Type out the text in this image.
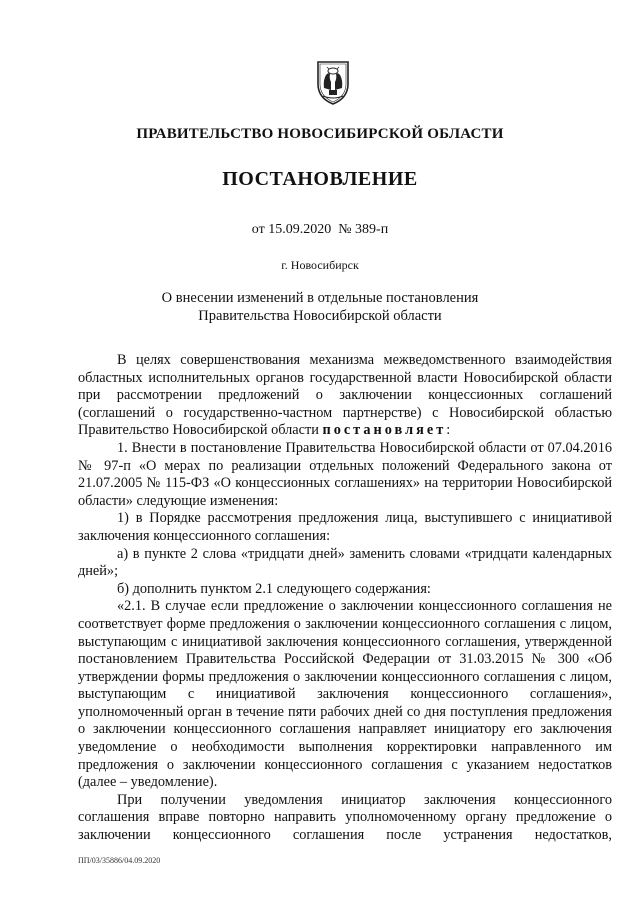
ПРАВИТЕЛЬСТВО НОВОСИБИРСКОЙ ОБЛАСТИ
ПОСТАНОВЛЕНИЕ
от 15.09.2020  № 389-п
г. Новосибирск
О внесении изменений в отдельные постановления
Правительства Новосибирской области

В целях совершенствования механизма межведомственного взаимодействия областных исполнительных органов государственной власти Новосибирской области при рассмотрении предложений о заключении концессионных соглашений (соглашений о государственно-частном партнерстве) с Новосибирской областью Правительство Новосибирской области постановляет:

1. Внести в постановление Правительства Новосибирской области от 07.04.2016 № 97-п «О мерах по реализации отдельных положений Федерального закона от 21.07.2005 № 115-ФЗ «О концессионных соглашениях» на территории Новосибирской области» следующие изменения:

1) в Порядке рассмотрения предложения лица, выступившего с инициативой заключения концессионного соглашения:

а) в пункте 2 слова «тридцати дней» заменить словами «тридцати календарных дней»;

б) дополнить пунктом 2.1 следующего содержания:

«2.1. В случае если предложение о заключении концессионного соглашения не соответствует форме предложения о заключении концессионного соглашения с лицом, выступающим с инициативой заключения концессионного соглашения, утвержденной постановлением Правительства Российской Федерации от 31.03.2015 № 300 «Об утверждении формы предложения о заключении концессионного соглашения с лицом, выступающим с инициативой заключения концессионного соглашения», уполномоченный орган в течение пяти рабочих дней со дня поступления предложения о заключении концессионного соглашения направляет инициатору его заключения уведомление о необходимости выполнения корректировки направленного им предложения о заключении концессионного соглашения с указанием недостатков (далее – уведомление).

При получении уведомления инициатор заключения концессионного соглашения вправе повторно направить уполномоченному органу предложение о заключении концессионного соглашения после устранения недостатков,

ПП/03/35886/04.09.2020
